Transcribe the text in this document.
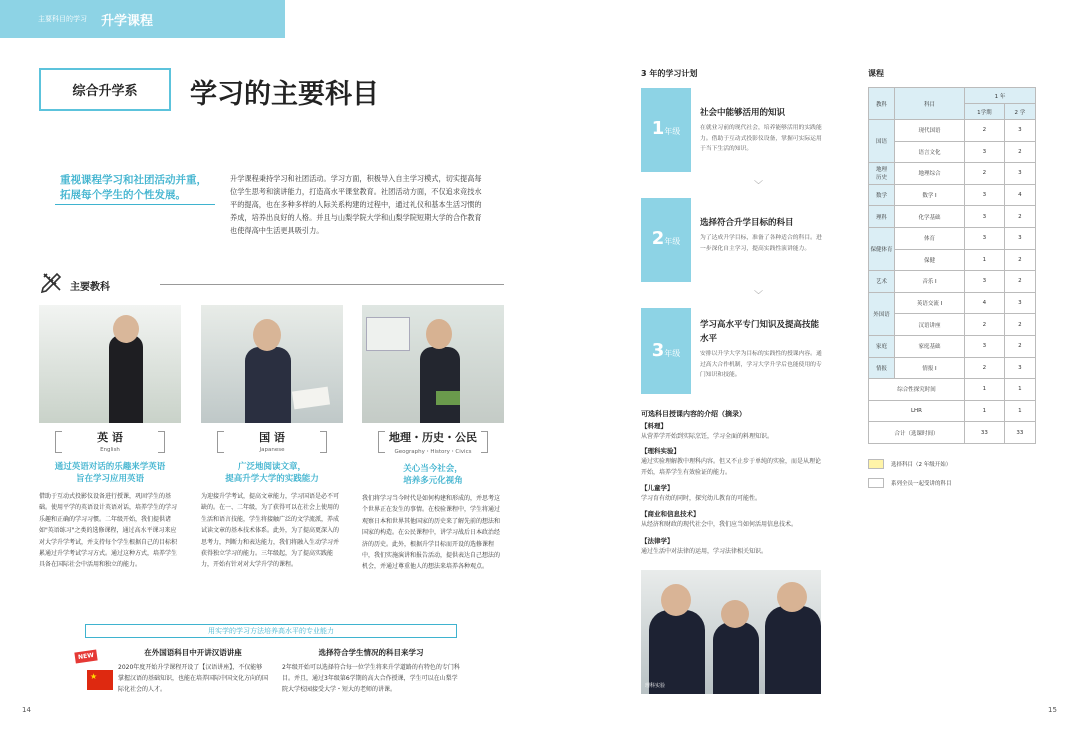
主要科目的学习 升学课程
综合升学系	学习的主要科目
重视课程学习和社团活动并重，拓展每个学生的个性发展。
升学课程秉持学习和社团活动。学习方面，积极导入自主学习模式，切实提高每位学生思考和演讲能力，打造高水平课堂教育。社团活动方面，不仅追求竞技水平的提高，也在多种多样的人际关系构建的过程中，通过礼仪和基本生活习惯的养成，培养出良好的人格。并且与山梨学院大学和山梨学院短期大学的合作教育也使得高中生活更具吸引力。
主要教科
英 语
English
通过英语对话的乐趣来学英语
旨在学习应用英语
借助于互动式投影仪设备进行授课，巩固学生的基础。使用平学的英语设计英语对话，培养学生的学习乐趣和正确的学习习惯。二年级开始，我们提供诸如"英语练习"之类的选修课程，通过高水平课习来应对大学升学考试，并支持每个学生根据自己的目标积累通过升学考试学习方式。通过这种方式，培养学生具备在国际社会中活用和独立的能力。
国 语
Japanese
广泛地阅读文章，
提高升学大学的实践能力
为迎接升学考试，提高文章能力，学习国语是必不可缺的。在一、二年级，为了获得可以在社会上使用的生活和语言技能，学生将接触广泛的文学流派，养成试读文章的基本技术体系。此外，为了提高更深入的思考力，判断力和表达能力，我们将融入生动学习并获得独立学习的能力。三年级起，为了提高实践能力，开始有针对对大学升学的课程。
地理・历史・公民
Geography・History・Civics
关心当今社会，
培养多元化视角
我们将学习当今时代是如何构建和形成的，并思考这个世界正在发生的事情。在校验课程中，学生将通过观察日本和世界其他国家的历史来了解先前的想法和国家的构造。在公民课程中，讲学习战后日本政治经济的历史。此外，根据升学目标而开设的选修课程中，我们实施演讲和报告活动，提供表达自己想法的机会，并通过尊重他人的想法来培养各种观点。
用实学的学习方法培养高水平的专业能力
NEW
★
在外国语科目中开讲汉语讲座
2020年度开始升学课程开设了【汉语讲座】，不仅能够掌握汉语的基础知识，也能在培养国际中国文化方向的国际化社会的人才。
选择符合学生情况的科目来学习
2年级开始可以选择符合每一位学生将来升学道路的有特色的专门科目。并且，通过3年级第6学期的高大合作授课，学生可以在山梨学院大学校园接受大学・短大的老师的讲课。
14
3 年的学习计划
1年级
社会中能够活用的知识
在就业习前的现代社会，培养能够活用的实践能力。借助于互动式投影仪设备，掌握可实际运用于当下生活的知识。
﹀
2年级
选择符合升学目标的科目
为了达成升学目标，准备了各种适合的科目。进一步深化自主学习，提高实践性演讲能力。
﹀
3年级
学习高水平专门知识及提高技能水平
安排以升学大学为目标的实践性的授课内容。通过高大合作机制，学习大学升学后也能使用的专门知识和技能。
可选科目授课内容的介绍（摘录）
【料理】
从营养学开始到实际烹饪，学习全面的料理知识。
【理科实验】
通过实验理解教中理科内容。但又不止步于单纯的实验，而是从理论开始，培养学生有效验证的能力。
【儿童学】
学习育有幼的同时，探究幼儿教育的可能性。
【商业和信息技术】
从经济和财政的现代社会中，我们应当如何活用信息技术。
【法律学】
通过生活中对法律的运用，学习法律相关知识。
理科实验
课程
教科	科目	1 年	
		1学期	2 学
国语	现代国语	2	3
	语言文化	3	2
地理
历史	地理综合	2	3
数学	数学 I	3	4
理科	化学基础	3	2
保健体育	体育	3	3
	保健	1	2
艺术	音乐 I	3	2
外国语	英语交流 I	4	3
	汉语讲座	2	2
家庭	家庭基础	3	2
情报	情报 I	2	3
综合性探究时间		1	1
LHR		1	1
合计（选课时间）		33	33
选择科目（2 年级开始）
系列全员一起受讲的科目
15
